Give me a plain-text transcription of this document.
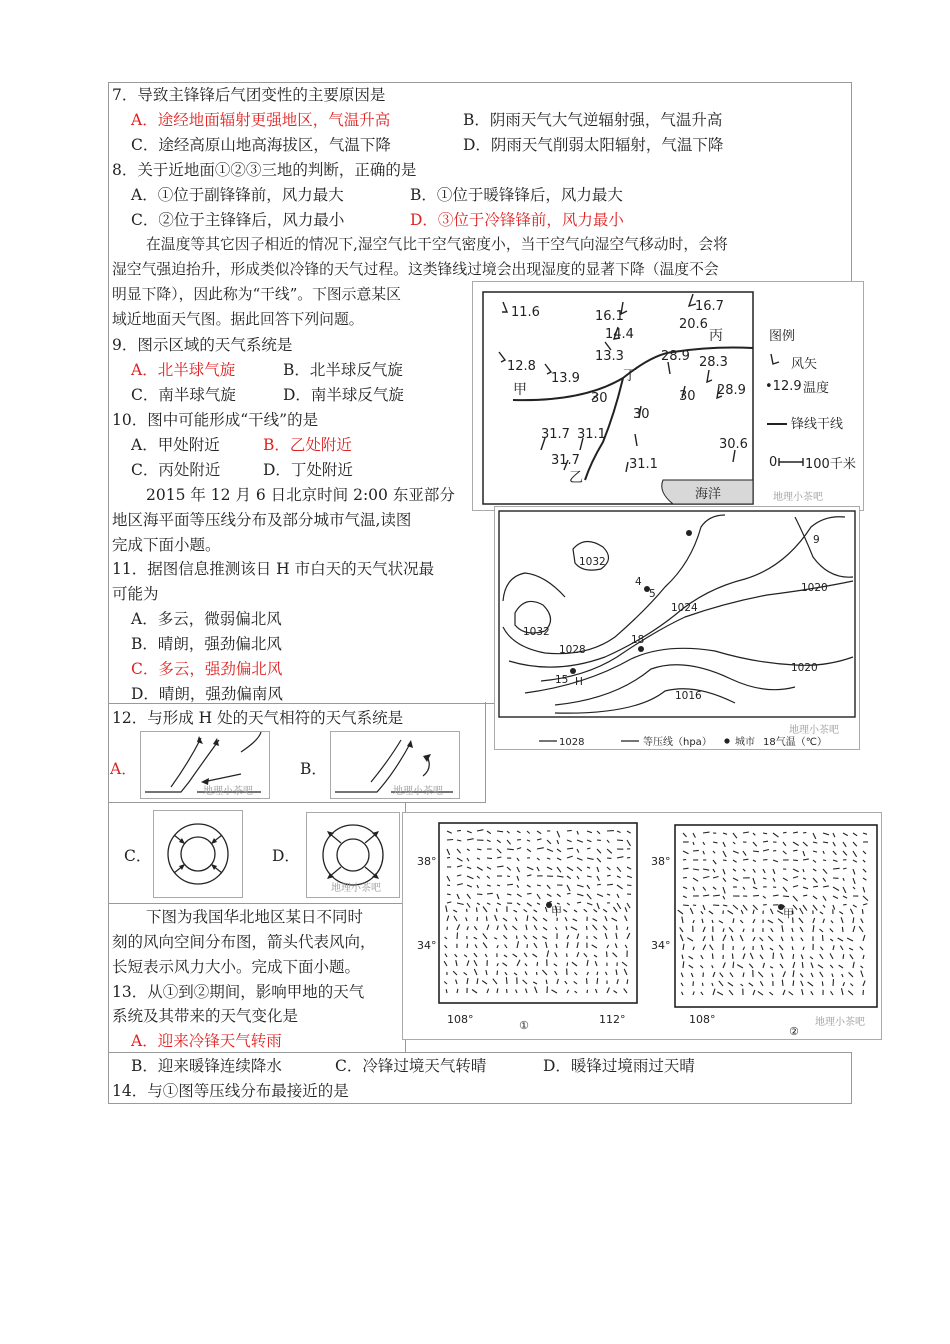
7．导致主锋锋后气团变性的主要原因是
A．途经地面辐射更强地区，气温升高	B．阴雨天气大气逆辐射强，气温升高
C．途经高原山地高海拔区，气温下降	D．阴雨天气削弱太阳辐射，气温下降
8．关于近地面①②③三地的判断，正确的是
A．①位于副锋锋前，风力最大	B．①位于暖锋锋后，风力最大
C．②位于主锋锋后，风力最小	D．③位于冷锋锋前，风力最小
在温度等其它因子相近的情况下,湿空气比干空气密度小，当干空气向湿空气移动时，会将
湿空气强迫抬升，形成类似冷锋的天气过程。这类锋线过境会出现湿度的显著下降（温度不会
明显下降），因此称为“干线”。下图示意某区
域近地面天气图。据此回答下列问题。
9．图示区域的天气系统是
A．北半球气旋	B．北半球反气旋
C．南半球气旋	D．南半球反气旋
10．图中可能形成“干线”的是
A．甲处附近	B．乙处附近
C．丙处附近	D．丁处附近
2015 年 12 月 6 日北京时间 2:00 东亚部分
地区海平面等压线分布及部分城市气温,读图
完成下面小题。
11．据图信息推测该日 H 市白天的天气状况最
可能为
A．多云，微弱偏北风
B．晴朗，强劲偏北风
C．多云，强劲偏北风
D．晴朗，强劲偏南风
12．与形成 H 处的天气相符的天气系统是
A．	B．
C．	D．
地理小茶吧	地理小茶吧
地理小茶吧
下图为我国华北地区某日不同时
刻的风向空间分布图，箭头代表风向，
长短表示风力大小。完成下面小题。
13．从①到②期间，影响甲地的天气
系统及其带来的天气变化是
A．迎来冷锋天气转雨
B．迎来暖锋连续降水	C．冷锋过境天气转晴	D．暖锋过境雨过天晴
14．与①图等压线分布最接近的是
海洋
11.6	16.1
14.4
16.7
20.6
12.8
13.3
13.9
28.9 28.3
30 28.9
30
30
31.7 31.1
31.7	31.1
30.6
甲
乙
丙
丁
图例
风矢
•12.9 温度
锋线干线
0 100千米
地理小茶吧
1032
1032
1028
1024
1020
1020
1016
9
4
5
18
15 H
1028	等压线（hpa） 城市 18气温（℃）
地理小茶吧
38°
34°
108°	112°
①
38°
34°
108°
②
甲	甲
地理小茶吧
